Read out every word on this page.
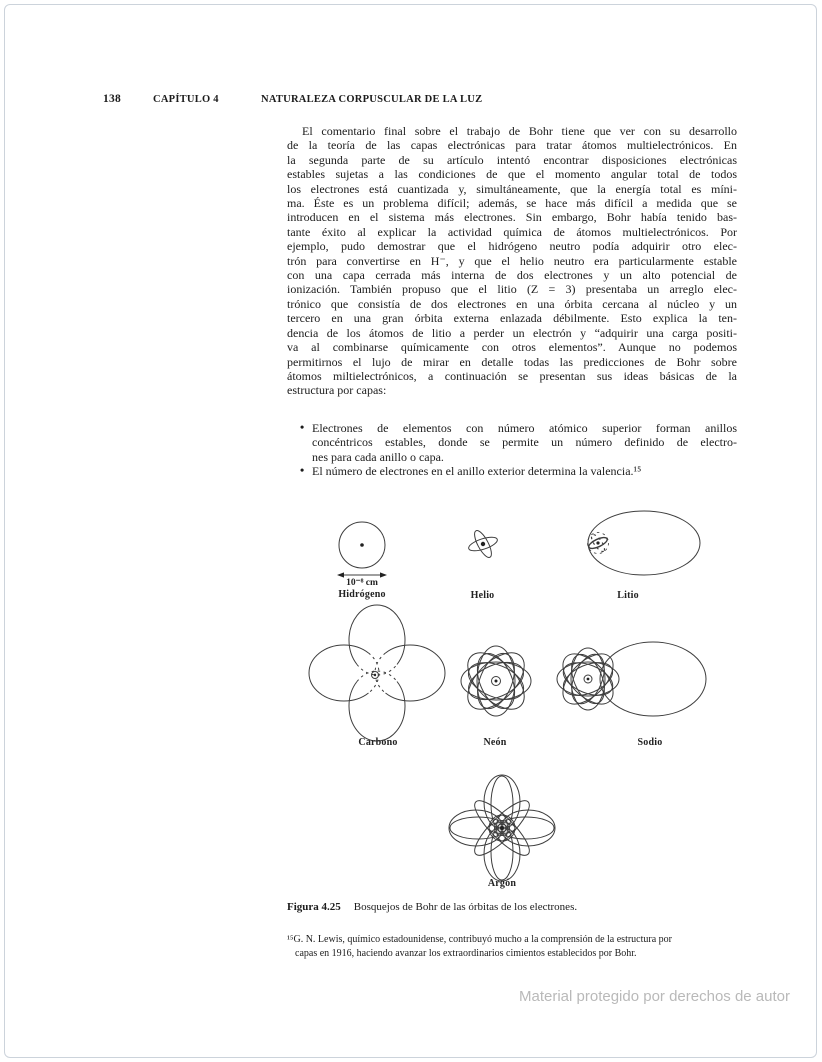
138	CAPÍTULO 4	NATURALEZA CORPUSCULAR DE LA LUZ
El comentario final sobre el trabajo de Bohr tiene que ver con su desarrollo
de la teoría de las capas electrónicas para tratar átomos multielectrónicos. En
la segunda parte de su artículo intentó encontrar disposiciones electrónicas
estables sujetas a las condiciones de que el momento angular total de todos
los electrones está cuantizada y, simultáneamente, que la energía total es míni-
ma. Éste es un problema difícil; además, se hace más difícil a medida que se
introducen en el sistema más electrones. Sin embargo, Bohr había tenido bas-
tante éxito al explicar la actividad química de átomos multielectrónicos. Por
ejemplo, pudo demostrar que el hidrógeno neutro podía adquirir otro elec-
trón para convertirse en H⁻, y que el helio neutro era particularmente estable
con una capa cerrada más interna de dos electrones y un alto potencial de
ionización. También propuso que el litio (Z = 3) presentaba un arreglo elec-
trónico que consistía de dos electrones en una órbita cercana al núcleo y un
tercero en una gran órbita externa enlazada débilmente. Esto explica la ten-
dencia de los átomos de litio a perder un electrón y “adquirir una carga positi-
va al combinarse químicamente con otros elementos”. Aunque no podemos
permitirnos el lujo de mirar en detalle todas las predicciones de Bohr sobre
átomos miltielectrónicos, a continuación se presentan sus ideas básicas de la
estructura por capas:
• Electrones de elementos con número atómico superior forman anillos
concéntricos estables, donde se permite un número definido de electro-
nes para cada anillo o capa.
• El número de electrones en el anillo exterior determina la valencia.¹⁵
10⁻⁸ cm
Hidrógeno	Helio	Litio
Carbono	Neón	Sodio
Argón
Figura 4.25 Bosquejos de Bohr de las órbitas de los electrones.
¹⁵G. N. Lewis, químico estadounidense, contribuyó mucho a la comprensión de la estructura por
capas en 1916, haciendo avanzar los extraordinarios cimientos establecidos por Bohr.
Material protegido por derechos de autor
